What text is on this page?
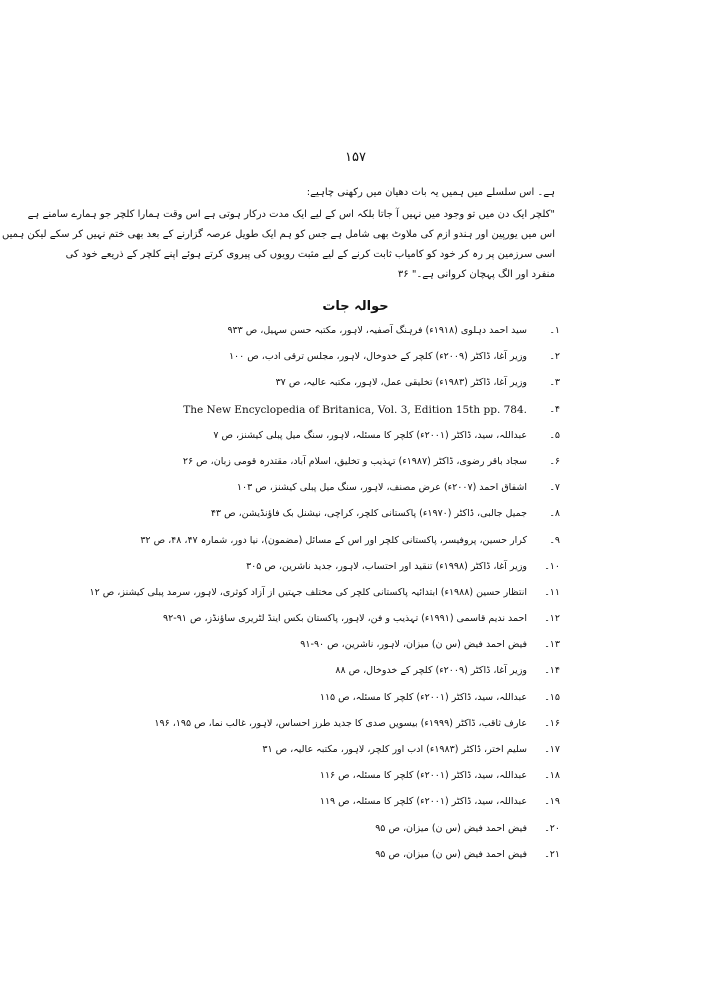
۱۵۷

ہے۔ اس سلسلے میں ہمیں یہ بات دھیان میں رکھنی چاہیے:

"کلچر ایک دن میں تو وجود میں نہیں آ جاتا بلکہ اس کے لیے ایک مدت درکار ہوتی ہے اس وقت ہمارا کلچر جو ہمارے سامنے ہے

اس میں یورپین اور ہندو ازم کی ملاوٹ بھی شامل ہے جس کو ہم ایک طویل عرصہ گزارنے کے بعد بھی ختم نہیں کر سکے لیکن ہمیں

اسی سرزمین پر رہ کر خود کو کامیاب ثابت کرنے کے لیے مثبت رویوں کی پیروی کرتے ہوئے اپنے کلچر کے ذریعے خود کی

منفرد اور الگ پہچان کروانی ہے۔" ۳۶

حوالہ جات
۱۔
سید احمد دہلوی (۱۹۱۸ء) فرہنگ آصفیہ، لاہور، مکتبہ حسن سہیل، ص ۹۳۳
۲۔
وزیر آغا، ڈاکٹر (۲۰۰۹ء) کلچر کے خدوخال، لاہور، مجلس ترقی ادب، ص ۱۰۰
۳۔
وزیر آغا، ڈاکٹر (۱۹۸۳ء) تخلیقی عمل، لاہور، مکتبہ عالیہ، ص ۳۷
۴۔
The New Encyclopedia of Britanica, Vol. 3, Edition 15th pp. 784.
۵۔
عبداللہ، سید، ڈاکٹر (۲۰۰۱ء) کلچر کا مسئلہ، لاہور، سنگ میل پبلی کیشنز، ص ۷
۶۔
سجاد باقر رضوی، ڈاکٹر (۱۹۸۷ء) تہذیب و تخلیق، اسلام آباد، مقتدرہ قومی زبان، ص ۲۶
۷۔
اشفاق احمد (۲۰۰۷ء) عرض مصنف، لاہور، سنگ میل پبلی کیشنز، ص ۱۰۳
۸۔
جمیل جالبی، ڈاکٹر (۱۹۷۰ء) پاکستانی کلچر، کراچی، نیشنل بک فاؤنڈیشن، ص ۴۳
۹۔
کرار حسین، پروفیسر، پاکستانی کلچر اور اس کے مسائل (مضمون)، نیا دور، شمارہ ۴۷، ۴۸، ص ۳۲
۱۰۔
وزیر آغا، ڈاکٹر (۱۹۹۸ء) تنقید اور احتساب، لاہور، جدید ناشرین، ص ۳۰۵
۱۱۔
انتظار حسین (۱۹۸۸ء) ابتدائیہ پاکستانی کلچر کی مختلف جہتیں از آزاد کوثری، لاہور، سرمد پبلی کیشنز، ص ۱۲
۱۲۔
احمد ندیم قاسمی (۱۹۹۱ء) تہذیب و فن، لاہور، پاکستان بکس اینڈ لٹریری ساؤنڈز، ص ۹۱-۹۲
۱۳۔
فیض احمد فیض (س ن) میزان، لاہور، ناشرین، ص ۹۰-۹۱
۱۴۔
وزیر آغا، ڈاکٹر (۲۰۰۹ء) کلچر کے خدوخال، ص ۸۸
۱۵۔
عبداللہ، سید، ڈاکٹر (۲۰۰۱ء) کلچر کا مسئلہ، ص ۱۱۵
۱۶۔
عارف ثاقب، ڈاکٹر (۱۹۹۹ء) بیسویں صدی کا جدید طرز احساس، لاہور، غالب نما، ص ۱۹۵، ۱۹۶
۱۷۔
سلیم اختر، ڈاکٹر (۱۹۸۳ء) ادب اور کلچر، لاہور، مکتبہ عالیہ، ص ۳۱
۱۸۔
عبداللہ، سید، ڈاکٹر (۲۰۰۱ء) کلچر کا مسئلہ، ص ۱۱۶
۱۹۔
عبداللہ، سید، ڈاکٹر (۲۰۰۱ء) کلچر کا مسئلہ، ص ۱۱۹
۲۰۔
فیض احمد فیض (س ن) میزان، ص ۹۵
۲۱۔
فیض احمد فیض (س ن) میزان، ص ۹۵
